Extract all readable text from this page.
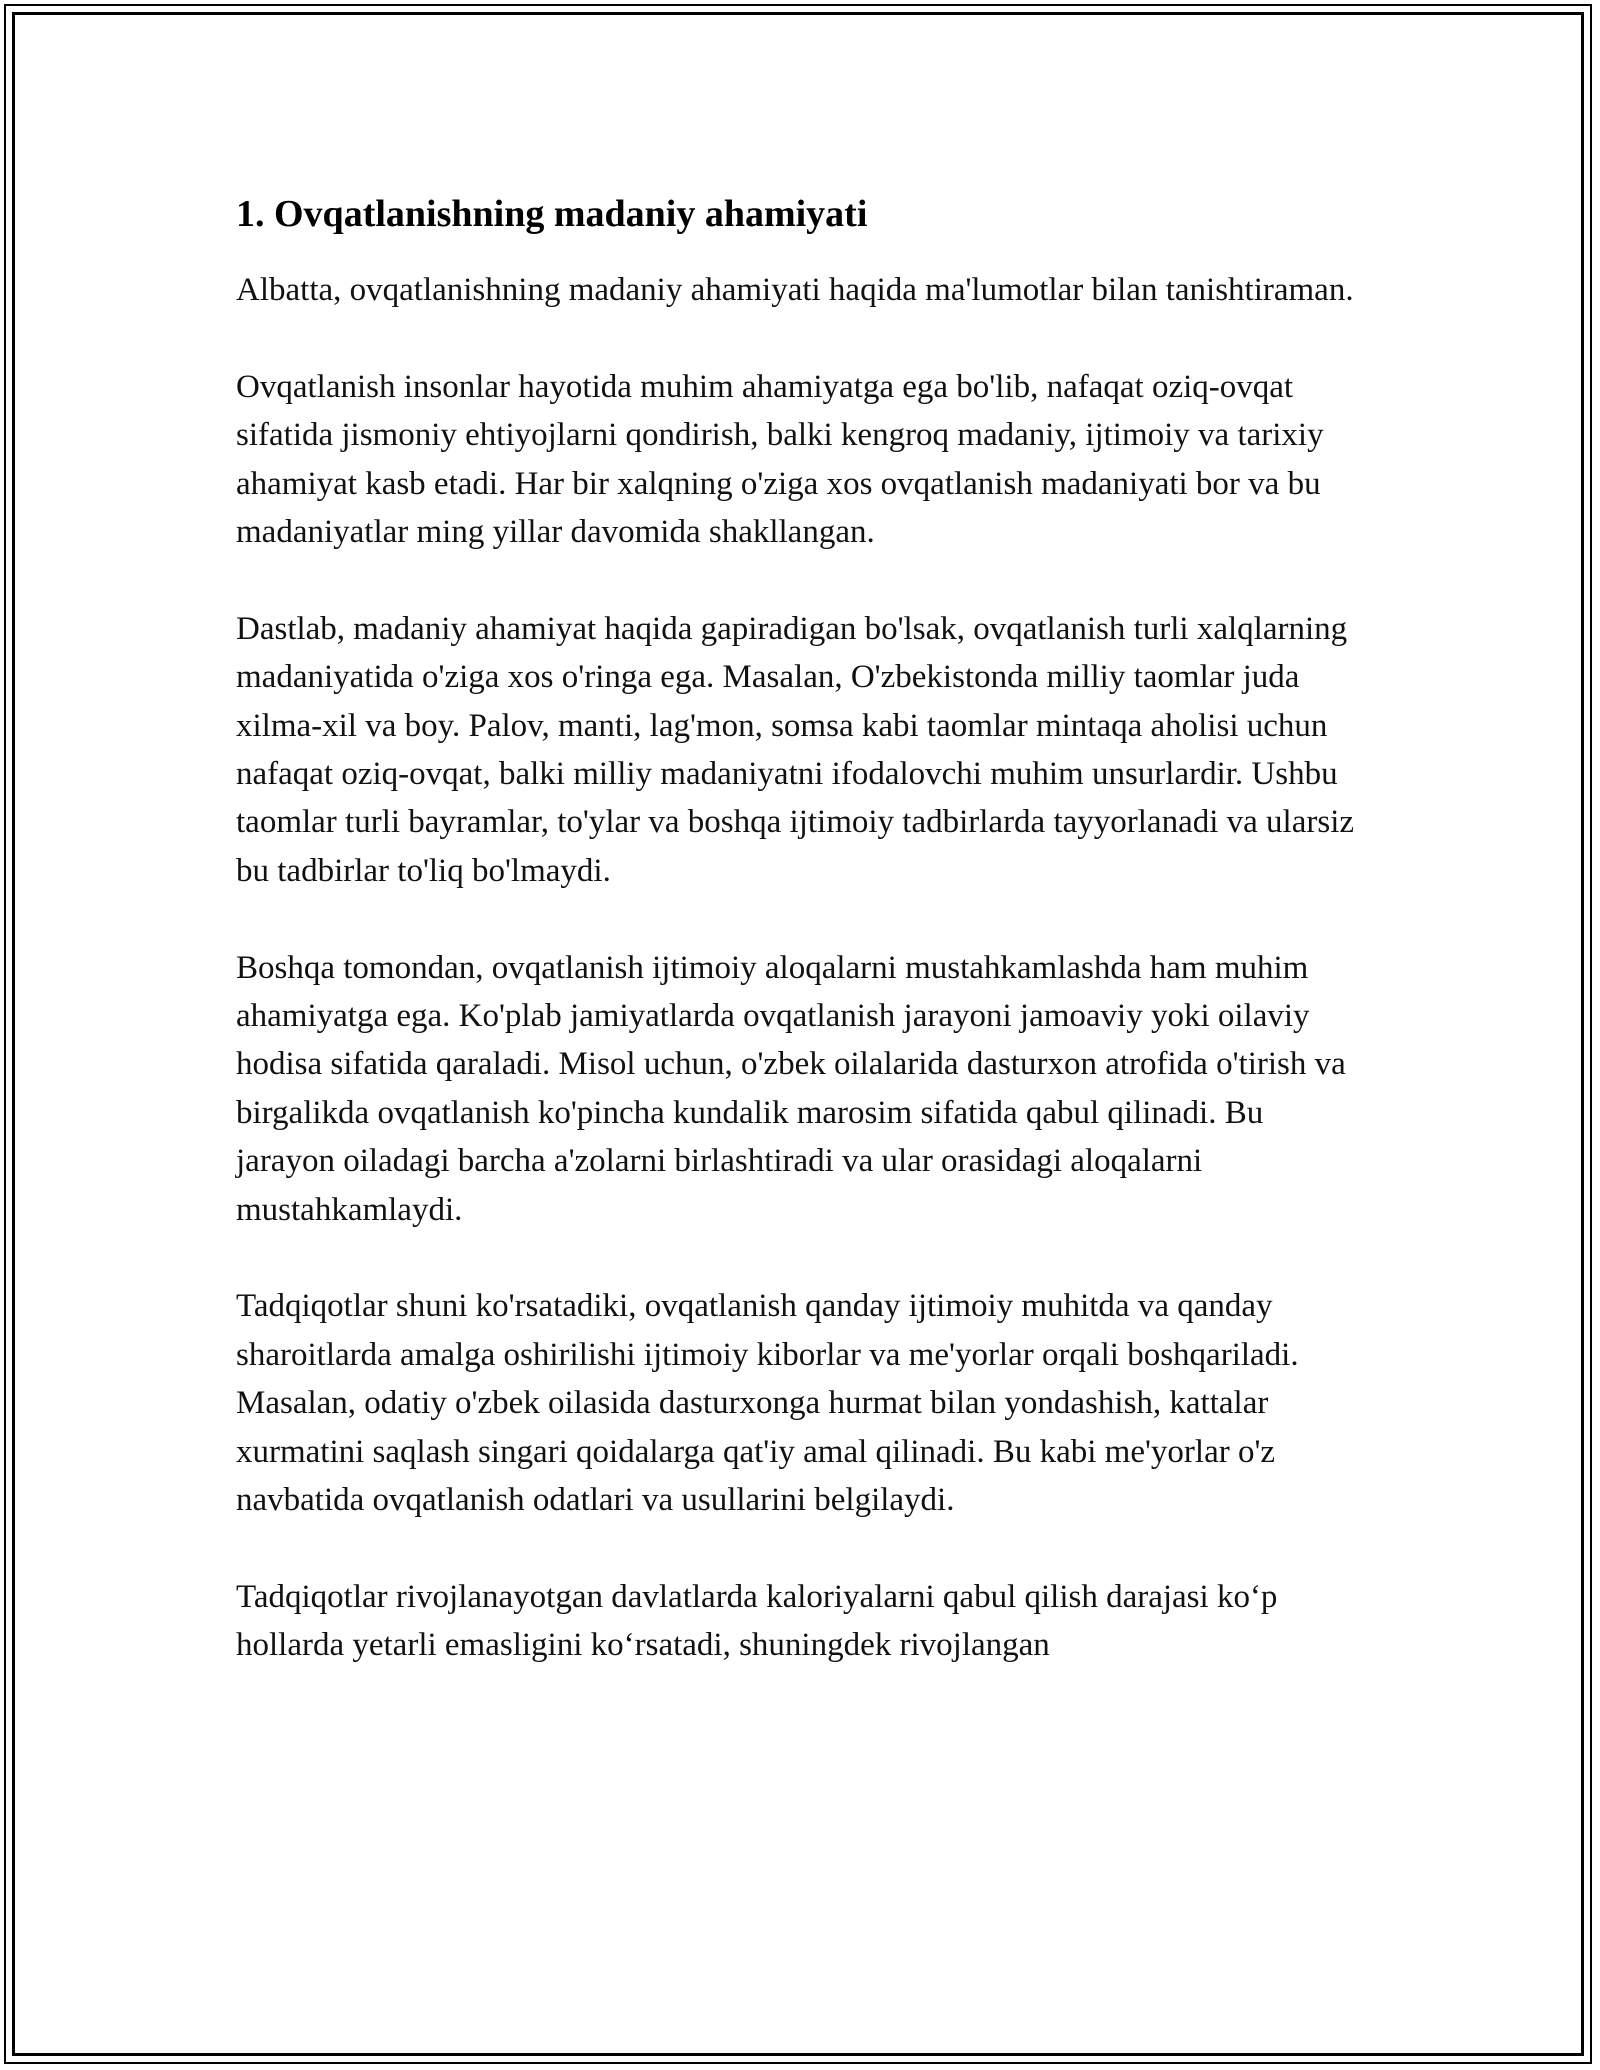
1. Ovqatlanishning madaniy ahamiyati

Albatta, ovqatlanishning madaniy ahamiyati haqida ma'lumotlar bilan tanishtiraman.

Ovqatlanish insonlar hayotida muhim ahamiyatga ega bo'lib, nafaqat oziq-ovqat sifatida jismoniy ehtiyojlarni qondirish, balki kengroq madaniy, ijtimoiy va tarixiy ahamiyat kasb etadi. Har bir xalqning o'ziga xos ovqatlanish madaniyati bor va bu madaniyatlar ming yillar davomida shakllangan.

Dastlab, madaniy ahamiyat haqida gapiradigan bo'lsak, ovqatlanish turli xalqlarning madaniyatida o'ziga xos o'ringa ega. Masalan, O'zbekistonda milliy taomlar juda xilma-xil va boy. Palov, manti, lag'mon, somsa kabi taomlar mintaqa aholisi uchun nafaqat oziq-ovqat, balki milliy madaniyatni ifodalovchi muhim unsurlardir. Ushbu taomlar turli bayramlar, to'ylar va boshqa ijtimoiy tadbirlarda tayyorlanadi va ularsiz bu tadbirlar to'liq bo'lmaydi.

Boshqa tomondan, ovqatlanish ijtimoiy aloqalarni mustahkamlashda ham muhim ahamiyatga ega. Ko'plab jamiyatlarda ovqatlanish jarayoni jamoaviy yoki oilaviy hodisa sifatida qaraladi. Misol uchun, o'zbek oilalarida dasturxon atrofida o'tirish va birgalikda ovqatlanish ko'pincha kundalik marosim sifatida qabul qilinadi. Bu jarayon oiladagi barcha a'zolarni birlashtiradi va ular orasidagi aloqalarni mustahkamlaydi.

Tadqiqotlar shuni ko'rsatadiki, ovqatlanish qanday ijtimoiy muhitda va qanday sharoitlarda amalga oshirilishi ijtimoiy kiborlar va me'yorlar orqali boshqariladi. Masalan, odatiy o'zbek oilasida dasturxonga hurmat bilan yondashish, kattalar xurmatini saqlash singari qoidalarga qat'iy amal qilinadi. Bu kabi me'yorlar o'z navbatida ovqatlanish odatlari va usullarini belgilaydi.

Tadqiqotlar rivojlanayotgan davlatlarda kaloriyalarni qabul qilish darajasi koʻp hollarda yetarli emasligini koʻrsatadi, shuningdek rivojlangan
